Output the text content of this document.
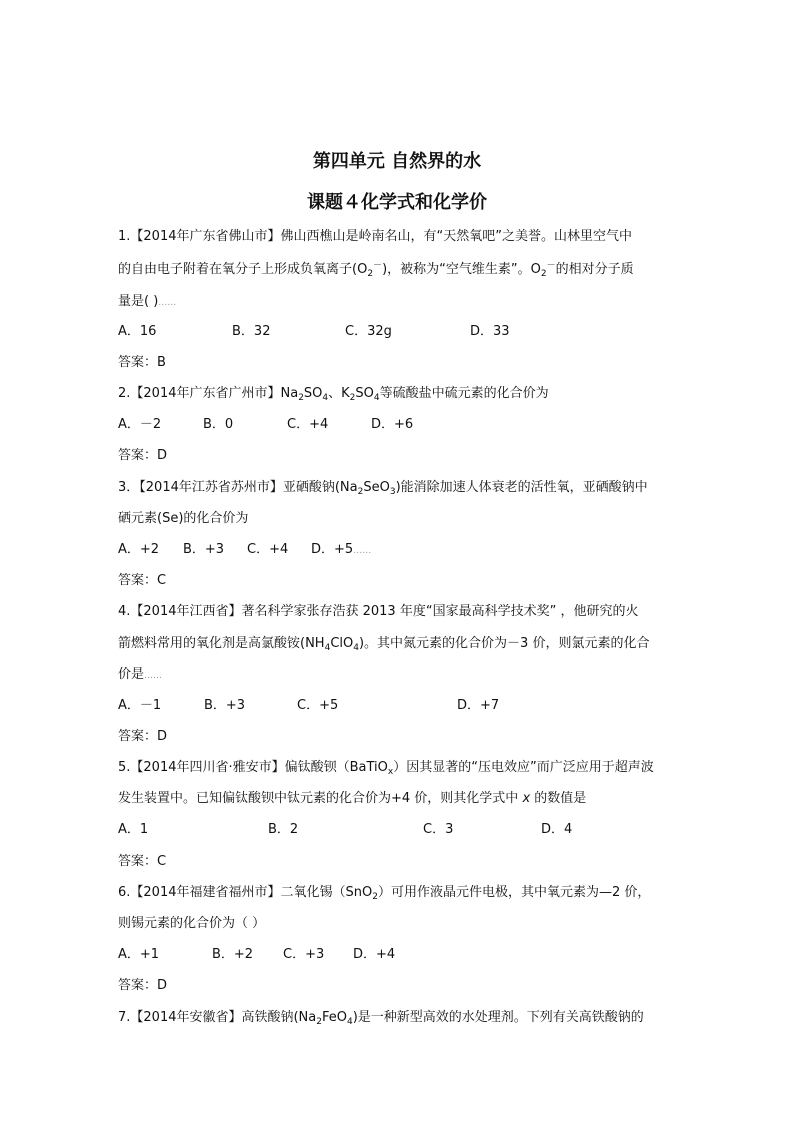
第四单元 自然界的水
课题４化学式和化学价
1.【2014年广东省佛山市】佛山西樵山是岭南名山，有“天然氧吧”之美誉。山林里空气中
的自由电子附着在氧分子上形成负氧离子$(O_2^-)$，被称为“空气维生素”。$O_2^-$的相对分子质
量是( )……
A．16	B．32	C．32g	D．33
答案：B
2.【2014年广东省广州市】$Na_2SO_4$、$K_2SO_4$等硫酸盐中硫元素的化合价为
A．－2	B．0	C．+4	D．+6
答案：D
3．【2014年江苏省苏州市】亚硒酸钠$(Na_2SeO_3)$能消除加速人体衰老的活性氧，亚硒酸钠中
硒元素(Se)的化合价为
A．+2 B．+3 C．+4 D．+5……
答案：C
4.【2014年江西省】著名科学家张存浩获 2013 年度“国家最高科学技术奖” ，他研究的火
箭燃料常用的氧化剂是高氯酸铵$(NH_4ClO_4)$。其中氮元素的化合价为－3 价，则氯元素的化合
价是……
A．－1	B．+3	C．+5	D．+7
答案：D
5.【2014年四川省·雅安市】偏钛酸钡（BaTiO$_x$）因其显著的“压电效应”而广泛应用于超声波
发生装置中。已知偏钛酸钡中钛元素的化合价为+4 价，则其化学式中 x 的数值是
A．1	B．2	C．3	D．4
答案：C
6.【2014年福建省福州市】二氧化锡（SnO$_2$）可用作液晶元件电极，其中氧元素为—2 价，
则锡元素的化合价为（ ）
A．+1	B．+2 C．+3 D．+4
答案：D
7.【2014年安徽省】高铁酸钠$(Na_2FeO_4)$是一种新型高效的水处理剂。下列有关高铁酸钠的
